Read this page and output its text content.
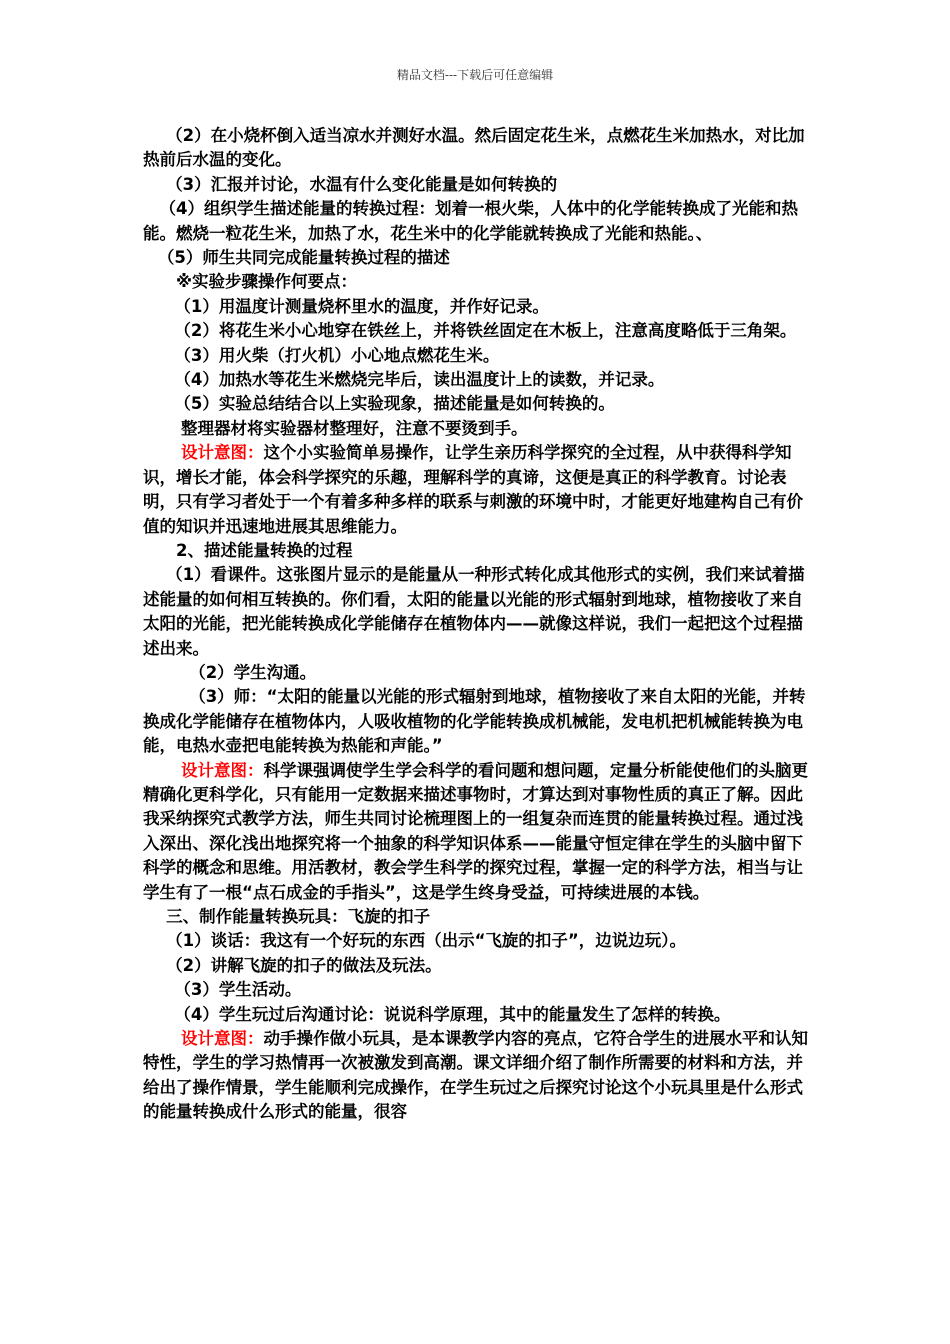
精品文档---下载后可任意编辑

（2）在小烧杯倒入适当凉水并测好水温。然后固定花生米，点燃花生米加热水，对比加热前后水温的变化。

（3）汇报并讨论，水温有什么变化能量是如何转换的

（4）组织学生描述能量的转换过程：划着一根火柴，人体中的化学能转换成了光能和热能。燃烧一粒花生米，加热了水，花生米中的化学能就转换成了光能和热能。、

（5）师生共同完成能量转换过程的描述

※实验步骤操作何要点：

（1）用温度计测量烧杯里水的温度，并作好记录。

（2）将花生米小心地穿在铁丝上，并将铁丝固定在木板上，注意高度略低于三角架。

（3）用火柴（打火机）小心地点燃花生米。

（4）加热水等花生米燃烧完毕后，读出温度计上的读数，并记录。

（5）实验总结结合以上实验现象，描述能量是如何转换的。

整理器材将实验器材整理好，注意不要烫到手。

设计意图：这个小实验简单易操作，让学生亲历科学探究的全过程，从中获得科学知识，增长才能，体会科学探究的乐趣，理解科学的真谛，这便是真正的科学教育。讨论表明，只有学习者处于一个有着多种多样的联系与刺激的环境中时，才能更好地建构自己有价值的知识并迅速地进展其思维能力。

2、描述能量转换的过程

（1）看课件。这张图片显示的是能量从一种形式转化成其他形式的实例，我们来试着描述能量的如何相互转换的。你们看，太阳的能量以光能的形式辐射到地球，植物接收了来自太阳的光能，把光能转换成化学能储存在植物体内——就像这样说，我们一起把这个过程描述出来。

（2）学生沟通。

（3）师：“太阳的能量以光能的形式辐射到地球，植物接收了来自太阳的光能，并转换成化学能储存在植物体内，人吸收植物的化学能转换成机械能，发电机把机械能转换为电能，电热水壶把电能转换为热能和声能。”

设计意图：科学课强调使学生学会科学的看问题和想问题，定量分析能使他们的头脑更精确化更科学化，只有能用一定数据来描述事物时，才算达到对事物性质的真正了解。因此我采纳探究式教学方法，师生共同讨论梳理图上的一组复杂而连贯的能量转换过程。通过浅入深出、深化浅出地探究将一个抽象的科学知识体系——能量守恒定律在学生的头脑中留下科学的概念和思维。用活教材，教会学生科学的探究过程，掌握一定的科学方法，相当与让学生有了一根“点石成金的手指头”，这是学生终身受益，可持续进展的本钱。

三、制作能量转换玩具：飞旋的扣子

（1）谈话：我这有一个好玩的东西（出示“飞旋的扣子”，边说边玩）。

（2）讲解飞旋的扣子的做法及玩法。

（3）学生活动。

（4）学生玩过后沟通讨论：说说科学原理，其中的能量发生了怎样的转换。

设计意图：动手操作做小玩具，是本课教学内容的亮点，它符合学生的进展水平和认知特性，学生的学习热情再一次被激发到高潮。课文详细介绍了制作所需要的材料和方法，并给出了操作情景，学生能顺利完成操作，在学生玩过之后探究讨论这个小玩具里是什么形式的能量转换成什么形式的能量，很容
